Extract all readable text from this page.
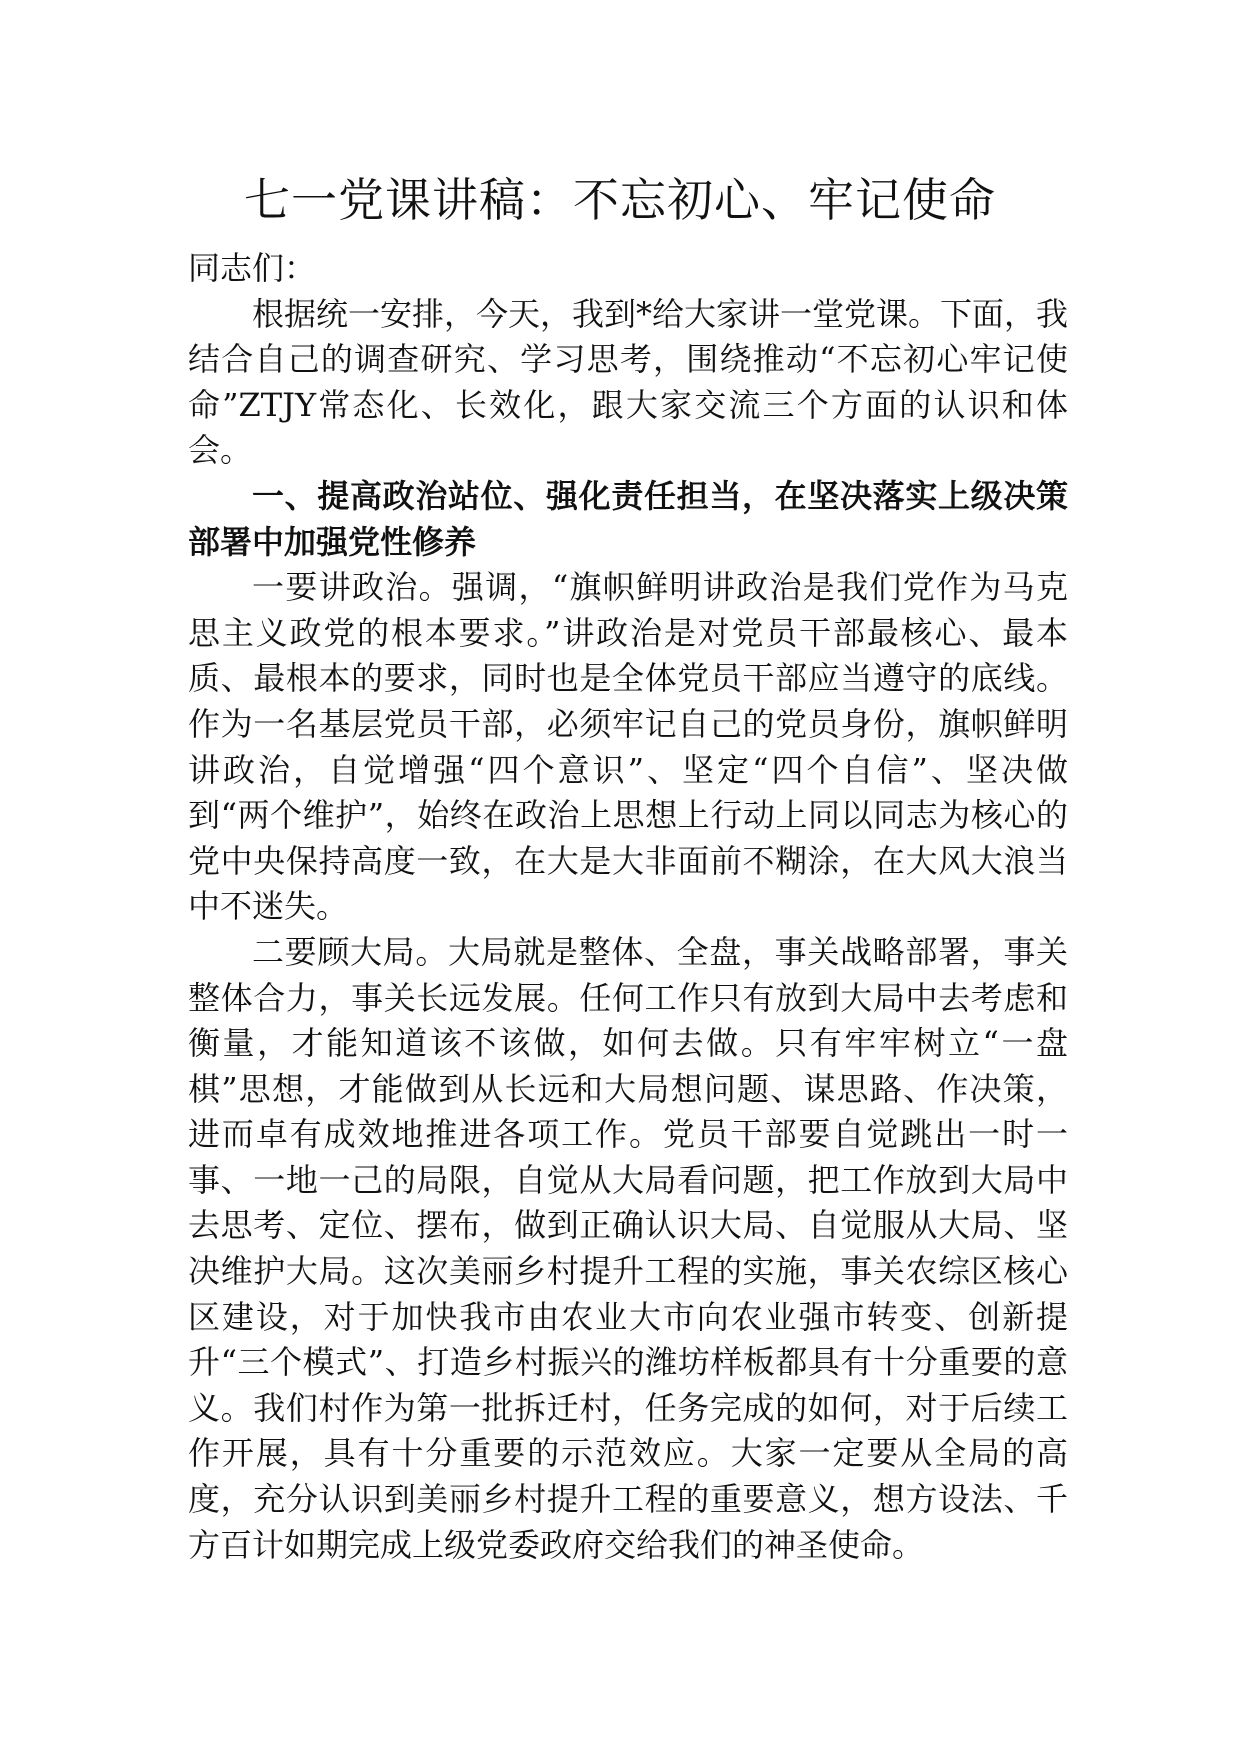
七一党课讲稿：不忘初心、牢记使命

同志们：

根据统一安排，今天，我到*给大家讲一堂党课。下面，我结合自己的调查研究、学习思考，围绕推动“不忘初心牢记使命”ZTJY常态化、长效化，跟大家交流三个方面的认识和体会。

一、提高政治站位、强化责任担当，在坚决落实上级决策部署中加强党性修养

一要讲政治。强调，“旗帜鲜明讲政治是我们党作为马克思主义政党的根本要求。”讲政治是对党员干部最核心、最本质、最根本的要求，同时也是全体党员干部应当遵守的底线。作为一名基层党员干部，必须牢记自己的党员身份，旗帜鲜明讲政治，自觉增强“四个意识”、坚定“四个自信”、坚决做到“两个维护”，始终在政治上思想上行动上同以同志为核心的党中央保持高度一致，在大是大非面前不糊涂，在大风大浪当中不迷失。

二要顾大局。大局就是整体、全盘，事关战略部署，事关整体合力，事关长远发展。任何工作只有放到大局中去考虑和衡量，才能知道该不该做，如何去做。只有牢牢树立“一盘棋”思想，才能做到从长远和大局想问题、谋思路、作决策，进而卓有成效地推进各项工作。党员干部要自觉跳出一时一事、一地一己的局限，自觉从大局看问题，把工作放到大局中去思考、定位、摆布，做到正确认识大局、自觉服从大局、坚决维护大局。这次美丽乡村提升工程的实施，事关农综区核心区建设，对于加快我市由农业大市向农业强市转变、创新提升“三个模式”、打造乡村振兴的潍坊样板都具有十分重要的意义。我们村作为第一批拆迁村，任务完成的如何，对于后续工作开展，具有十分重要的示范效应。大家一定要从全局的高度，充分认识到美丽乡村提升工程的重要意义，想方设法、千方百计如期完成上级党委政府交给我们的神圣使命。
